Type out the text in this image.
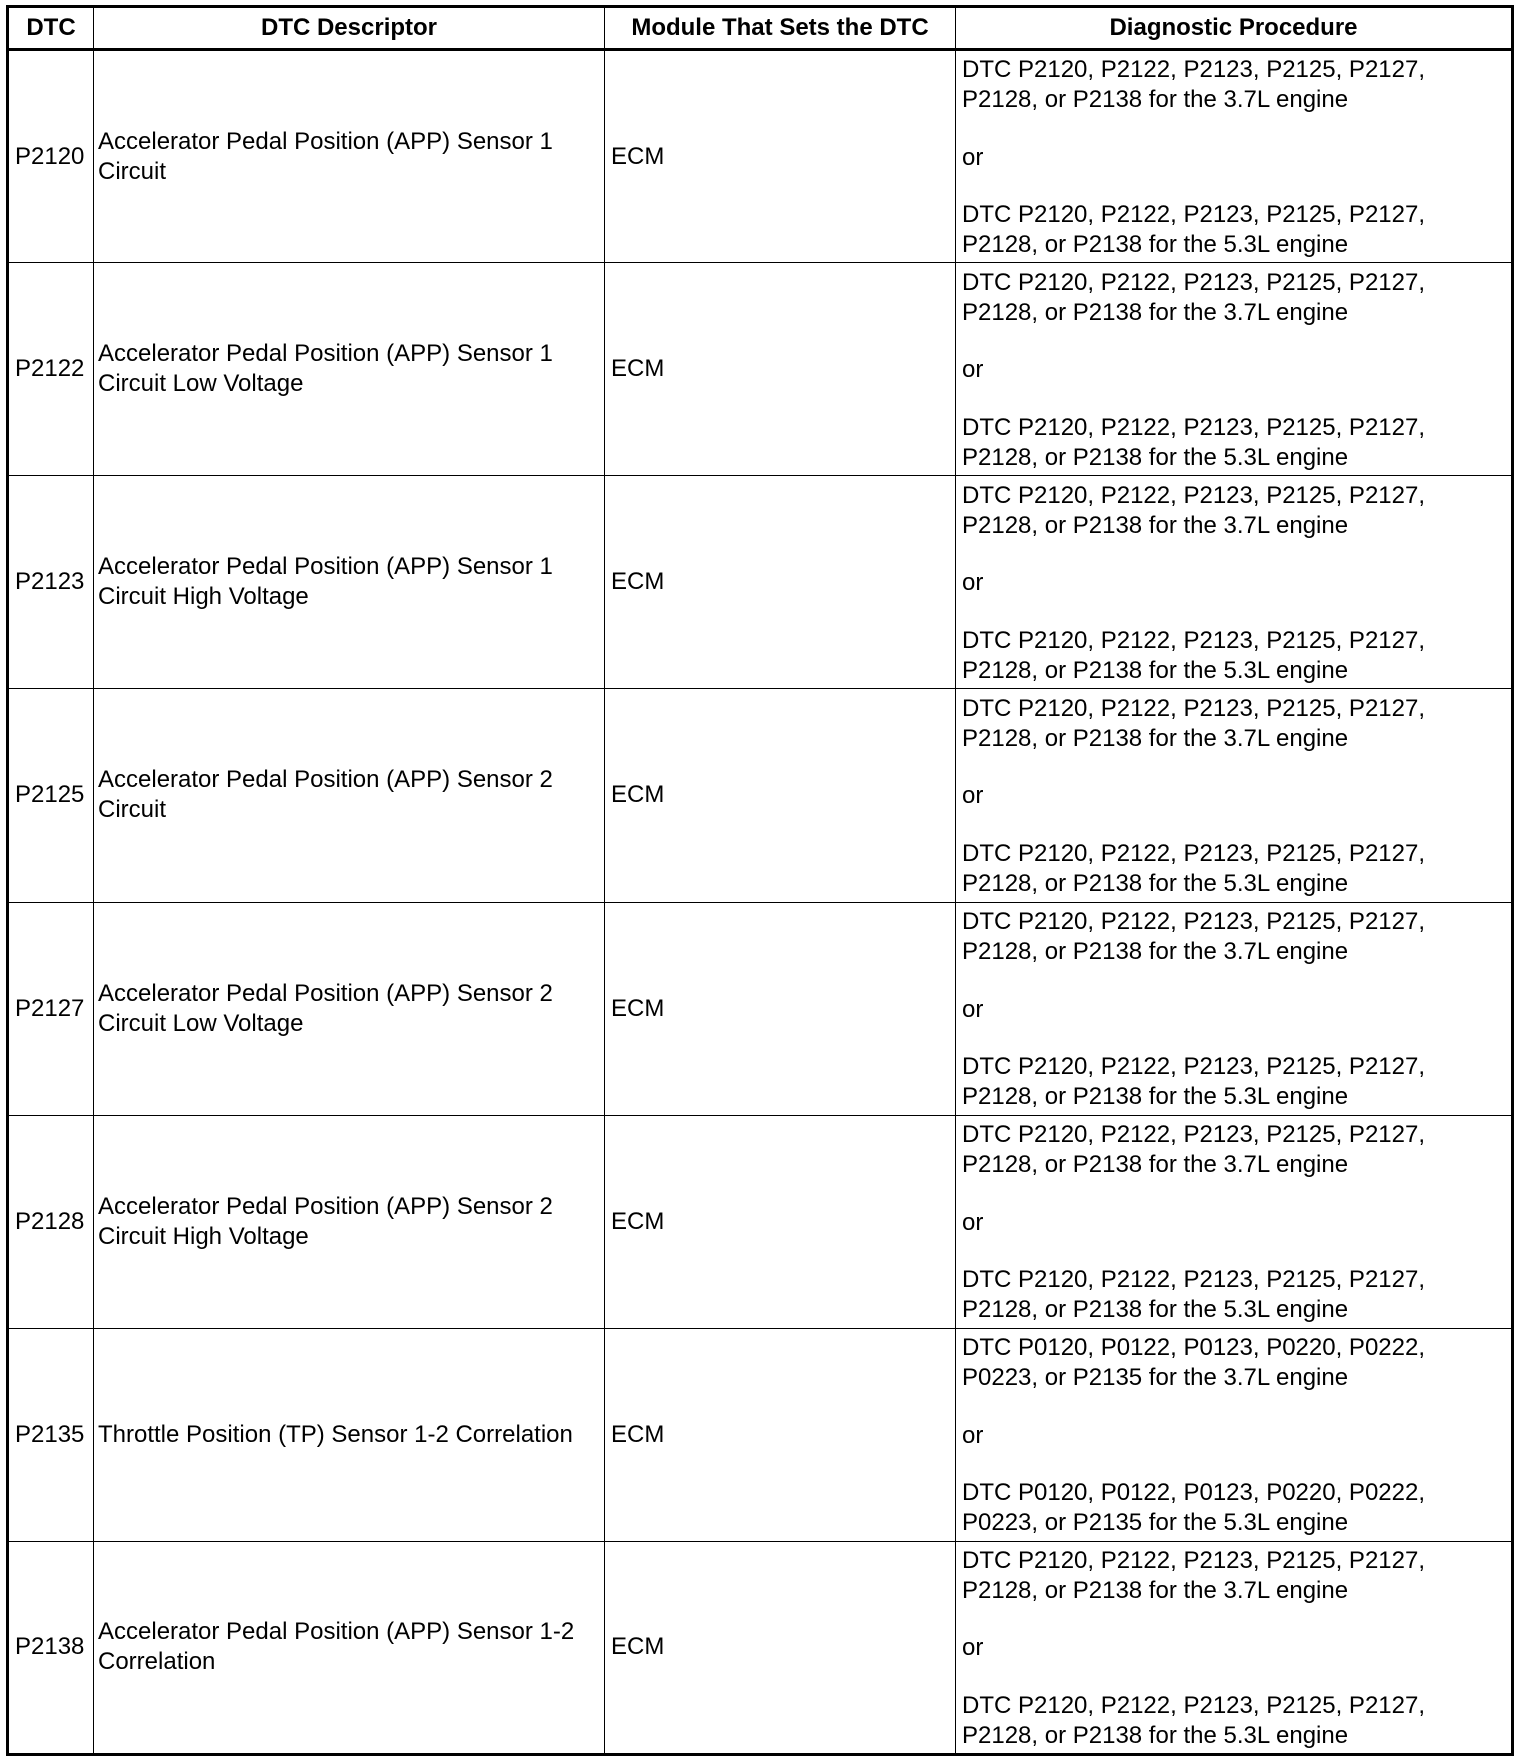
DTC	DTC Descriptor	Module That Sets the DTC	Diagnostic Procedure
P2120	Accelerator Pedal Position (APP) Sensor 1 Circuit	ECM	DTC P2120, P2122, P2123, P2125, P2127, P2128, or P2138 for the 3.7L engine
or
DTC P2120, P2122, P2123, P2125, P2127, P2128, or P2138 for the 5.3L engine

P2122	Accelerator Pedal Position (APP) Sensor 1 Circuit Low Voltage	ECM	DTC P2120, P2122, P2123, P2125, P2127, P2128, or P2138 for the 3.7L engine
or
DTC P2120, P2122, P2123, P2125, P2127, P2128, or P2138 for the 5.3L engine

P2123	Accelerator Pedal Position (APP) Sensor 1 Circuit High Voltage	ECM	DTC P2120, P2122, P2123, P2125, P2127, P2128, or P2138 for the 3.7L engine
or
DTC P2120, P2122, P2123, P2125, P2127, P2128, or P2138 for the 5.3L engine

P2125	Accelerator Pedal Position (APP) Sensor 2 Circuit	ECM	DTC P2120, P2122, P2123, P2125, P2127, P2128, or P2138 for the 3.7L engine
or
DTC P2120, P2122, P2123, P2125, P2127, P2128, or P2138 for the 5.3L engine

P2127	Accelerator Pedal Position (APP) Sensor 2 Circuit Low Voltage	ECM	DTC P2120, P2122, P2123, P2125, P2127, P2128, or P2138 for the 3.7L engine
or
DTC P2120, P2122, P2123, P2125, P2127, P2128, or P2138 for the 5.3L engine

P2128	Accelerator Pedal Position (APP) Sensor 2 Circuit High Voltage	ECM	DTC P2120, P2122, P2123, P2125, P2127, P2128, or P2138 for the 3.7L engine
or
DTC P2120, P2122, P2123, P2125, P2127, P2128, or P2138 for the 5.3L engine

P2135	Throttle Position (TP) Sensor 1-2 Correlation	ECM	DTC P0120, P0122, P0123, P0220, P0222, P0223, or P2135 for the 3.7L engine
or
DTC P0120, P0122, P0123, P0220, P0222, P0223, or P2135 for the 5.3L engine

P2138	Accelerator Pedal Position (APP) Sensor 1-2 Correlation	ECM	DTC P2120, P2122, P2123, P2125, P2127, P2128, or P2138 for the 3.7L engine
or
DTC P2120, P2122, P2123, P2125, P2127, P2128, or P2138 for the 5.3L engine
